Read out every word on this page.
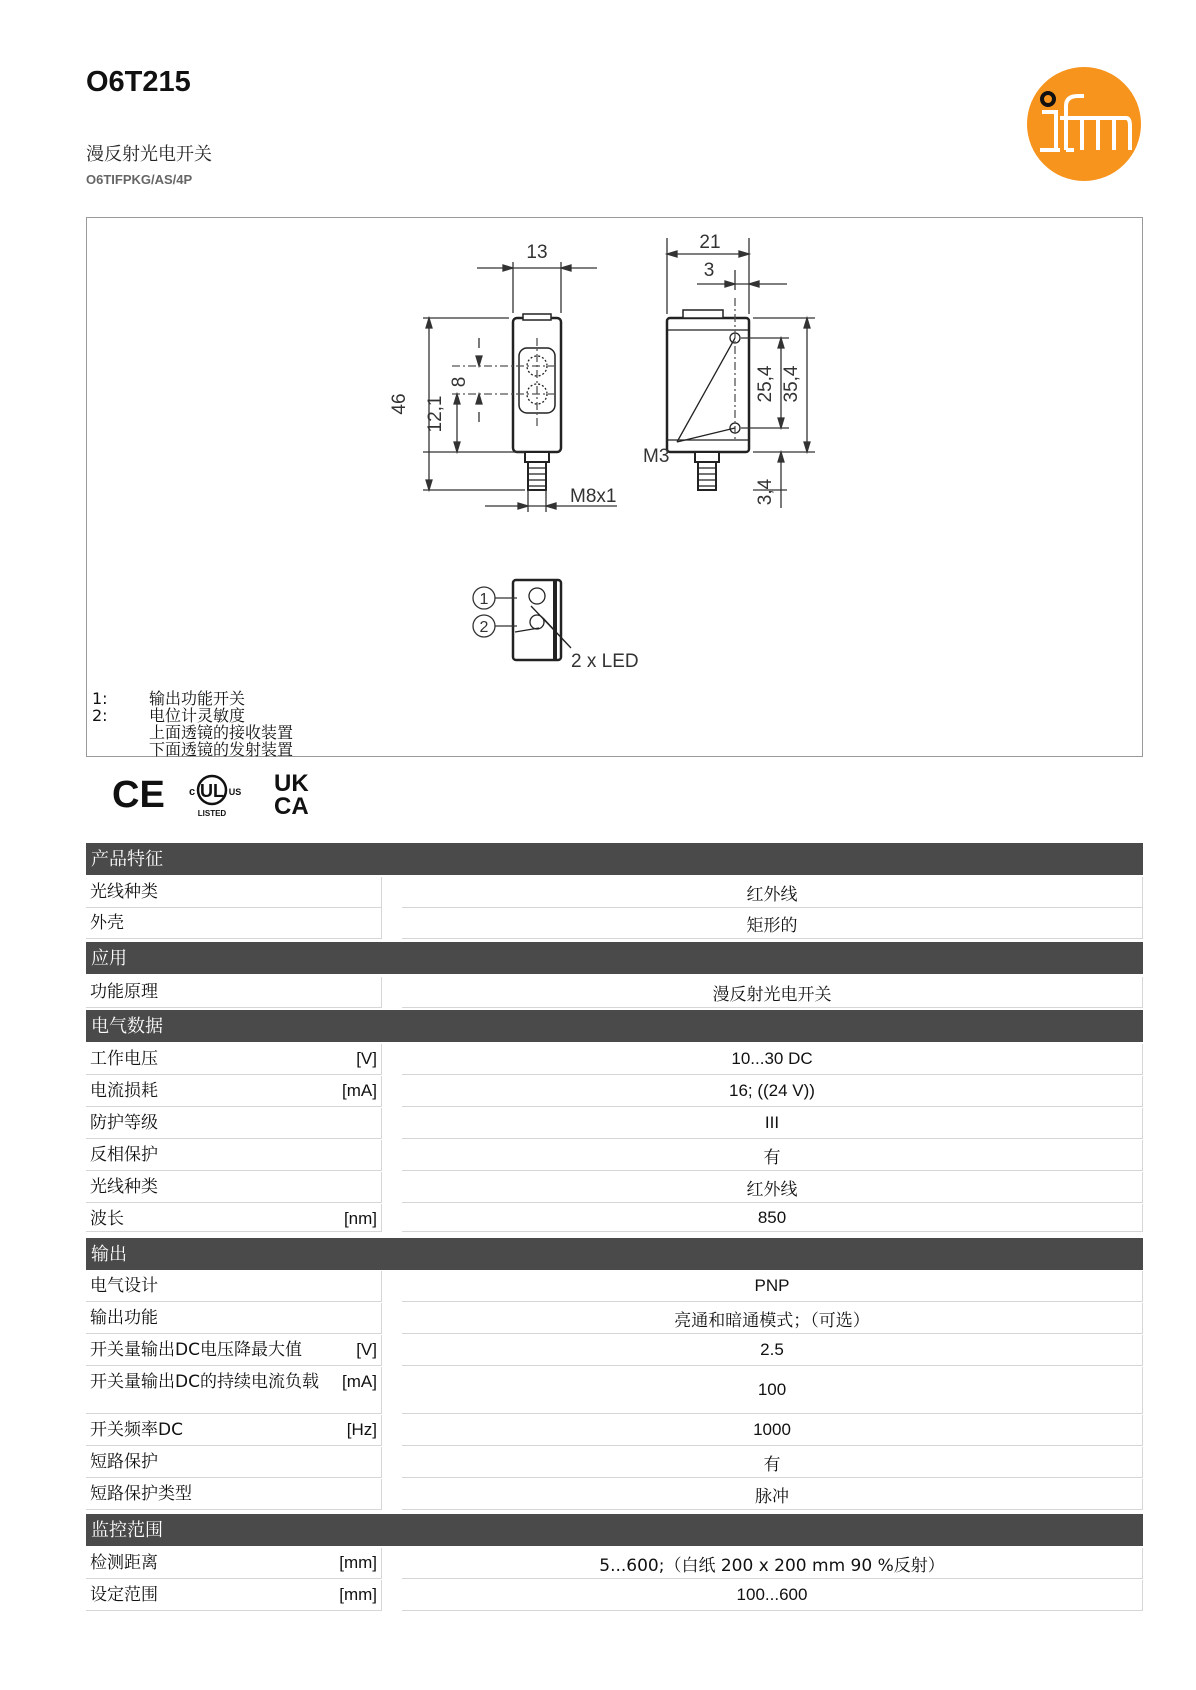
O6T215
漫反射光电开关
O6TIFPKG/AS/4P
ifm
13
46
8
12,1
M8x1
M3
21
3
25,4 35,4
3,4
1
2
2 x LED
1:	输出功能开关
2:	电位计灵敏度
上面透镜的接收装置
下面透镜的发射装置
CE UL
c	US
LISTED
UK
CA
产品特征
光线种类	红外线
外壳	矩形的
应用
功能原理	漫反射光电开关
电气数据
工作电压	[V]	10...30 DC
电流损耗	[mA]	16; ((24 V))
防护等级	III
反相保护	有
光线种类	红外线
波长	[nm]	850
输出
电气设计	PNP
输出功能	亮通和暗通模式；（可选）
开关量输出DC电压降最大值	[V]	2.5
开关量输出DC的持续电流负载 [mA]	100
开关频率DC	[Hz]	1000
短路保护	有
短路保护类型	脉冲
监控范围
检测距离	[mm]	5...600;（白纸 200 x 200 mm 90 %反射）
设定范围	[mm]	100...600
